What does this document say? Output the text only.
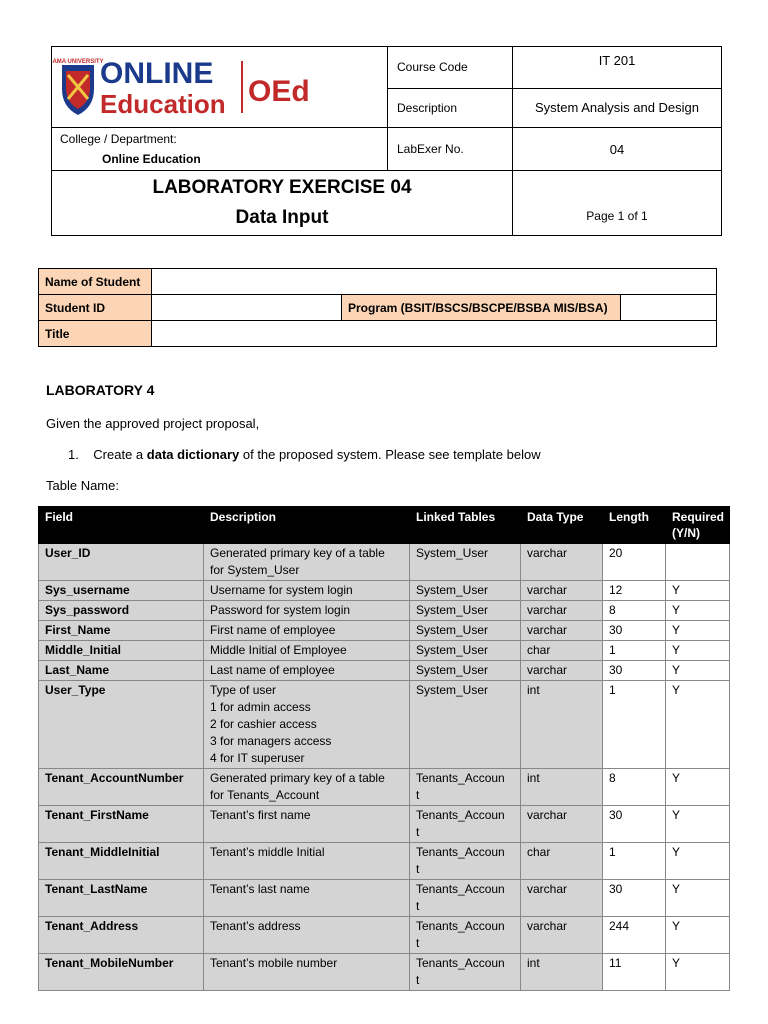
AMA UNIVERSITY
ONLINE
Education OEd	Course Code	IT 201
	Description	System Analysis and Design
College / Department:
Online Education	LabExer No.	04

LABORATORY EXERCISE 04
Data Input		Page 1 of 1
Name of Student			
Student ID		Program (BSIT/BSCS/BSCPE/BSBA MIS/BSA)	
Title			
LABORATORY 4
Given the approved project proposal,
1. Create a data dictionary of the proposed system. Please see template below
Table Name:
Field	Description	Linked Tables	Data Type	Length	Required (Y/N)
User_ID	Generated primary key of a table
for System_User	System_User	varchar	20	
Sys_username	Username for system login	System_User	varchar	12	Y
Sys_password	Password for system login	System_User	varchar	8	Y
First_Name	First name of employee	System_User	varchar	30	Y
Middle_Initial	Middle Initial of Employee	System_User	char	1	Y
Last_Name	Last name of employee	System_User	varchar	30	Y
User_Type	Type of user
1 for admin access
2 for cashier access
3 for managers access
4 for IT superuser	System_User	int	1	Y
Tenant_AccountNumber	Generated primary key of a table
for Tenants_Account	Tenants_Accoun
t	int	8	Y
Tenant_FirstName	Tenant’s first name	Tenants_Accoun
t	varchar	30	Y
Tenant_MiddleInitial	Tenant’s middle Initial	Tenants_Accoun
t	char	1	Y
Tenant_LastName	Tenant’s last name	Tenants_Accoun
t	varchar	30	Y
Tenant_Address	Tenant’s address	Tenants_Accoun
t	varchar	244	Y
Tenant_MobileNumber	Tenant’s mobile number	Tenants_Accoun
t	int	11	Y
